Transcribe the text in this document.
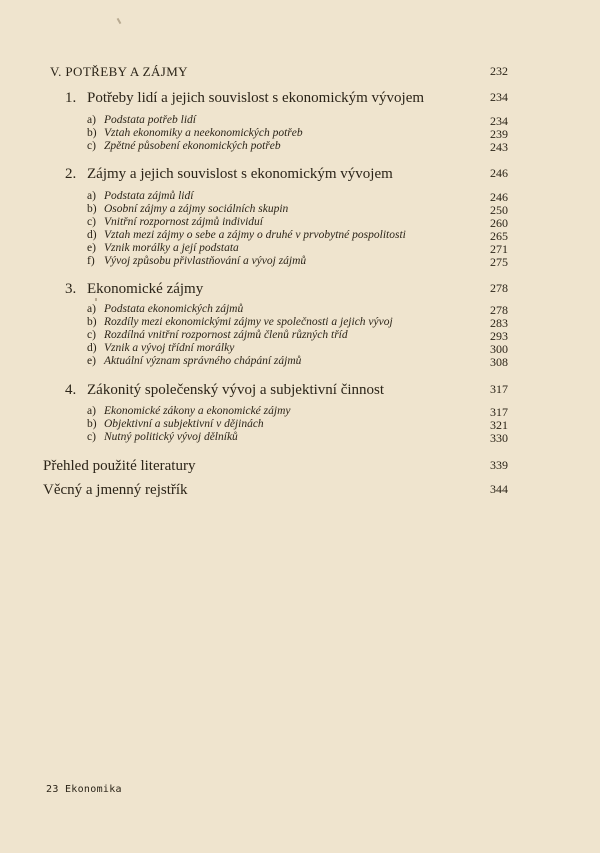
V. POTŘEBY A ZÁJMY	232
1. Potřeby lidí a jejich souvislost s ekonomickým vývojem	234
a) Podstata potřeb lidí	234
b) Vztah ekonomiky a neekonomických potřeb	239
c) Zpětné působení ekonomických potřeb	243
2. Zájmy a jejich souvislost s ekonomickým vývojem	246
a) Podstata zájmů lidí	246
b) Osobní zájmy a zájmy sociálních skupin	250
c) Vnitřní rozpornost zájmů individuí	260
d) Vztah mezi zájmy o sebe a zájmy o druhé v prvobytné pospolitosti	265
e) Vznik morálky a její podstata	271
f) Vývoj způsobu přivlastňování a vývoj zájmů	275
3. Ekonomické zájmy	278
a) Podstata ekonomických zájmů	278
b) Rozdíly mezi ekonomickými zájmy ve společnosti a jejich vývoj	283
c) Rozdílná vnitřní rozpornost zájmů členů různých tříd	293
d) Vznik a vývoj třídní morálky	300
e) Aktuální význam správného chápání zájmů	308
4. Zákonitý společenský vývoj a subjektivní činnost	317
a) Ekonomické zákony a ekonomické zájmy	317
b) Objektivní a subjektivní v dějinách	321
c) Nutný politický vývoj dělníků	330
Přehled použité literatury	339
Věcný a jmenný rejstřík	344
23 Ekonomika
